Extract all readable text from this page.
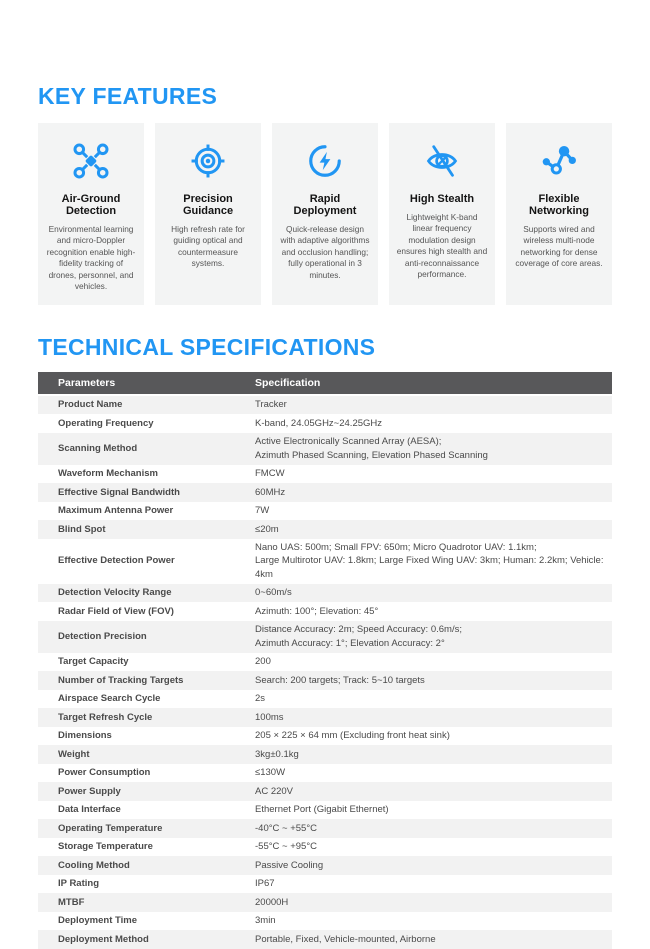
KEY FEATURES
Air-Ground Detection
Environmental learning and micro-Doppler recognition enable high-fidelity tracking of drones, personnel, and vehicles.
Precision Guidance
High refresh rate for guiding optical and countermeasure systems.
Rapid Deployment
Quick-release design with adaptive algorithms and occlusion handling; fully operational in 3 minutes.
High Stealth
Lightweight K-band linear frequency modulation design ensures high stealth and anti-reconnaissance performance.
Flexible Networking
Supports wired and wireless multi-node networking for dense coverage of core areas.
TECHNICAL SPECIFICATIONS
Parameters	Specification
Product Name	Tracker

Operating Frequency	K-band, 24.05GHz~24.25GHz

Scanning Method	Active Electronically Scanned Array (AESA);
Azimuth Phased Scanning, Elevation Phased Scanning

Waveform Mechanism	FMCW

Effective Signal Bandwidth	60MHz

Maximum Antenna Power	7W

Blind Spot	≤20m

Effective Detection Power	Nano UAS: 500m; Small FPV: 650m; Micro Quadrotor UAV: 1.1km;
Large Multirotor UAV: 1.8km; Large Fixed Wing UAV: 3km; Human: 2.2km; Vehicle: 4km

Detection Velocity Range	0~60m/s

Radar Field of View (FOV)	Azimuth: 100°; Elevation: 45°

Detection Precision	Distance Accuracy: 2m; Speed Accuracy: 0.6m/s;
Azimuth Accuracy: 1°; Elevation Accuracy: 2°

Target Capacity	200

Number of Tracking Targets	Search: 200 targets; Track: 5~10 targets

Airspace Search Cycle	2s

Target Refresh Cycle	100ms

Dimensions	205 × 225 × 64 mm (Excluding front heat sink)

Weight	3kg±0.1kg

Power Consumption	≤130W

Power Supply	AC 220V

Data Interface	Ethernet Port (Gigabit Ethernet)

Operating Temperature	-40°C ~ +55°C

Storage Temperature	-55°C ~ +95°C

Cooling Method	Passive Cooling

IP Rating	IP67

MTBF	20000H

Deployment Time	3min

Deployment Method	Portable, Fixed, Vehicle-mounted, Airborne
